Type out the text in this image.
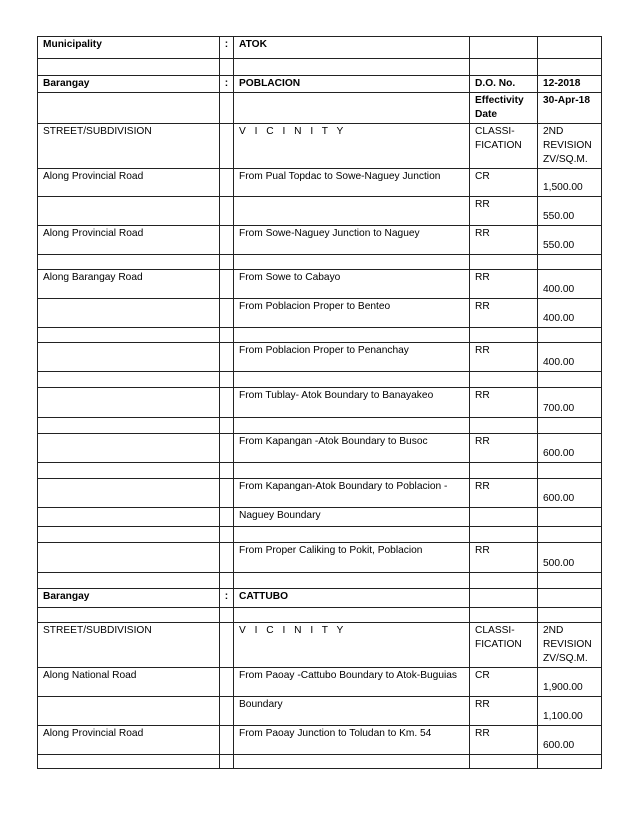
Municipality	:	ATOK		

Barangay	:	POBLACION	D.O. No.	12-2018
			Effectivity Date	30-Apr-18
STREET/SUBDIVISION		V I C I N I T Y	CLASSI-FICATION	2ND REVISION ZV/SQ.M.
Along Provincial Road		From Pual Topdac to Sowe-Naguey Junction	CR	1,500.00
			RR	550.00
Along Provincial Road		From Sowe-Naguey Junction to Naguey	RR	550.00

Along Barangay Road		From Sowe to Cabayo	RR	400.00
		From Poblacion Proper to Benteo	RR	400.00

		From Poblacion Proper to Penanchay	RR	400.00

		From Tublay- Atok Boundary to Banayakeo	RR	700.00

		From Kapangan -Atok Boundary to Busoc	RR	600.00

		From Kapangan-Atok Boundary to Poblacion -	RR	600.00
		Naguey Boundary		

		From Proper Caliking to Pokit, Poblacion	RR	500.00

Barangay	:	CATTUBO		

STREET/SUBDIVISION		V I C I N I T Y	CLASSI-FICATION	2ND REVISION ZV/SQ.M.
Along National Road		From Paoay -Cattubo Boundary to Atok-Buguias	CR	1,900.00
		Boundary	RR	1,100.00
Along Provincial Road		From Paoay Junction to Toludan to Km. 54	RR	600.00
